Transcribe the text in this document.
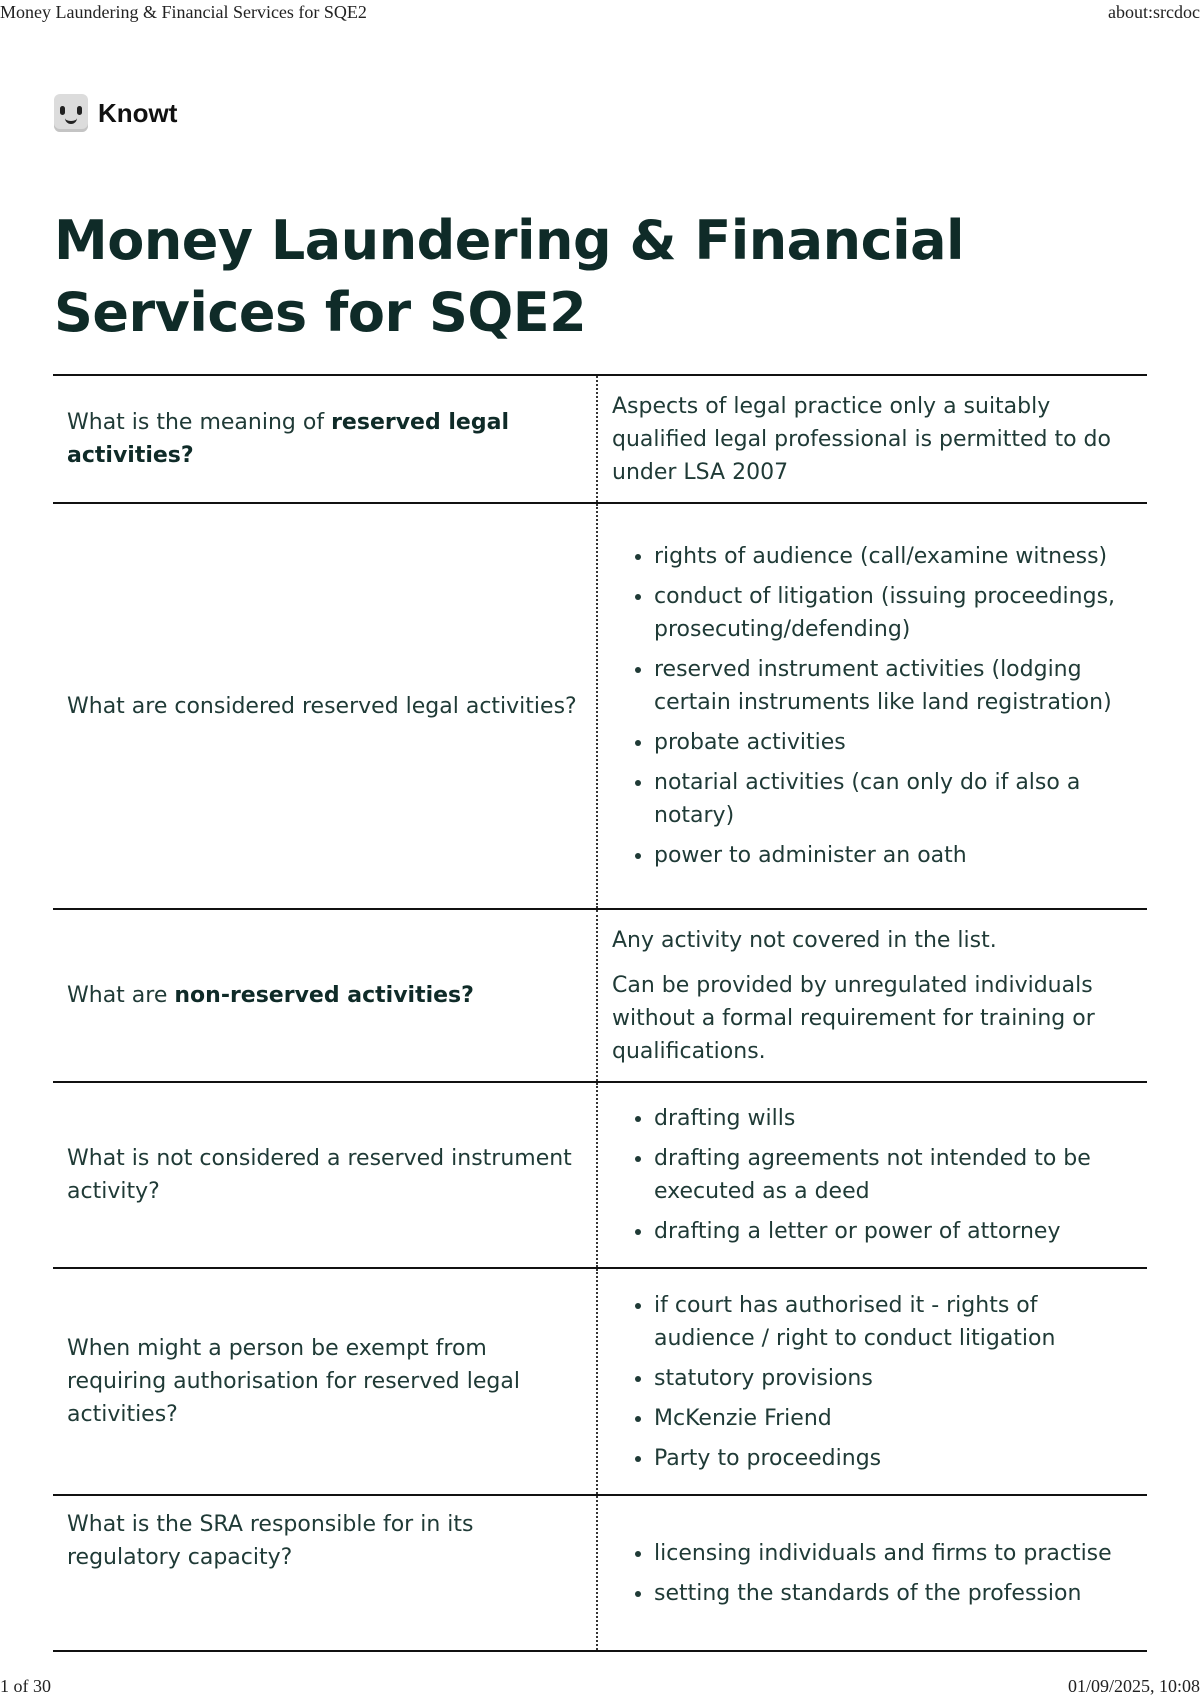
Money Laundering & Financial Services for SQE2	about:srcdoc
Knowt
Money Laundering & Financial Services for SQE2
What is the meaning of reserved legal activities?

Aspects of legal practice only a suitably qualified legal professional is permitted to do under LSA 2007

What are considered reserved legal activities?
• rights of audience (call/examine witness)
• conduct of litigation (issuing proceedings, prosecuting/defending)
• reserved instrument activities (lodging certain instruments like land registration)
• probate activities
• notarial activities (can only do if also a notary)
• power to administer an oath
What are non-reserved activities?

Any activity not covered in the list.

Can be provided by unregulated individuals without a formal requirement for training or qualifications.

What is not considered a reserved instrument activity?
• drafting wills
• drafting agreements not intended to be executed as a deed
• drafting a letter or power of attorney
When might a person be exempt from requiring authorisation for reserved legal activities?
• if court has authorised it - rights of audience / right to conduct litigation
• statutory provisions
• McKenzie Friend
• Party to proceedings
What is the SRA responsible for in its regulatory capacity?
•	licensing individuals and firms to practise
• setting the standards of the profession
1 of 30	01/09/2025, 10:08
